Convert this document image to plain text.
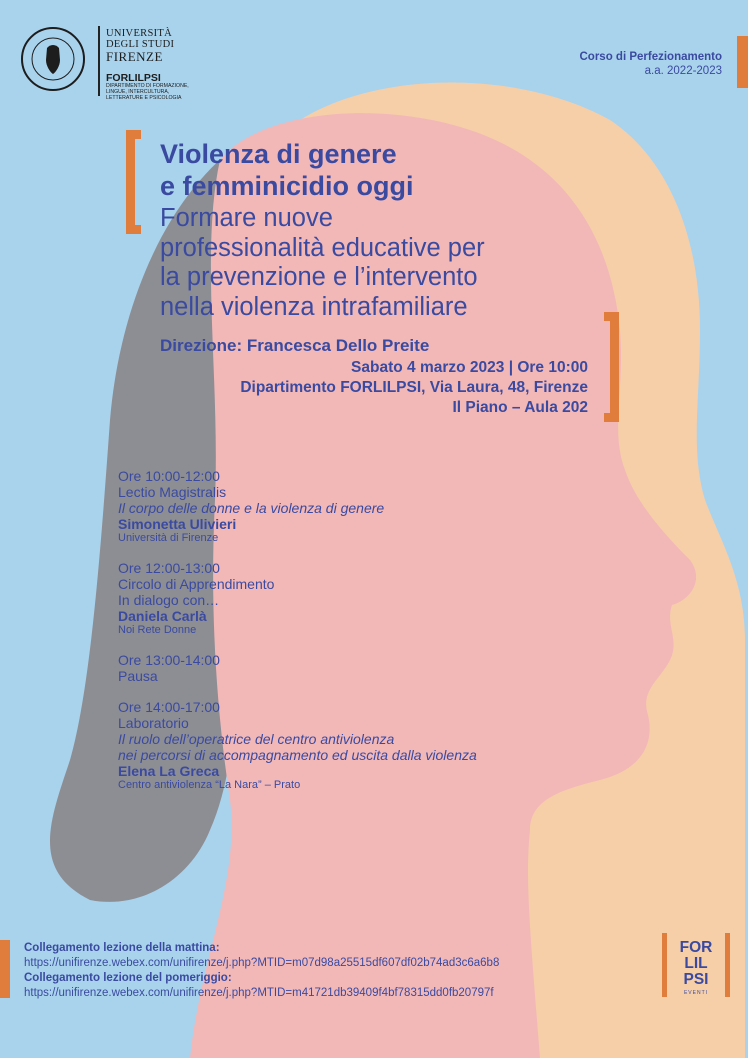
UNIVERSITÀ
DEGLI STUDI
FIRENZE
FORLILPSI
DIPARTIMENTO DI FORMAZIONE, LINGUE, INTERCULTURA, LETTERATURE E PSICOLOGIA
Corso di Perfezionamento
a.a. 2022-2023
Violenza di genere
e femminicidio oggi
Formare nuove
professionalità educative per
la prevenzione e l’intervento
nella violenza intrafamiliare
Direzione: Francesca Dello Preite
Sabato 4 marzo 2023 | Ore 10:00
Dipartimento FORLILPSI, Via Laura, 48, Firenze
Il Piano – Aula 202
Ore 10:00-12:00
Lectio Magistralis
Il corpo delle donne e la violenza di genere
Simonetta Ulivieri
Università di Firenze
Ore 12:00-13:00
Circolo di Apprendimento
In dialogo con…
Daniela Carlà
Noi Rete Donne
Ore 13:00-14:00
Pausa
Ore 14:00-17:00
Laboratorio
Il ruolo dell’operatrice del centro antiviolenza
nei percorsi di accompagnamento ed uscita dalla violenza
Elena La Greca
Centro antiviolenza “La Nara” – Prato
Collegamento lezione della mattina:
https://unifirenze.webex.com/unifirenze/j.php?MTID=m07d98a25515df607df02b74ad3c6a6b8
Collegamento lezione del pomeriggio:
https://unifirenze.webex.com/unifirenze/j.php?MTID=m41721db39409f4bf78315dd0fb20797f
FOR
LIL
PSI
EVENTI
